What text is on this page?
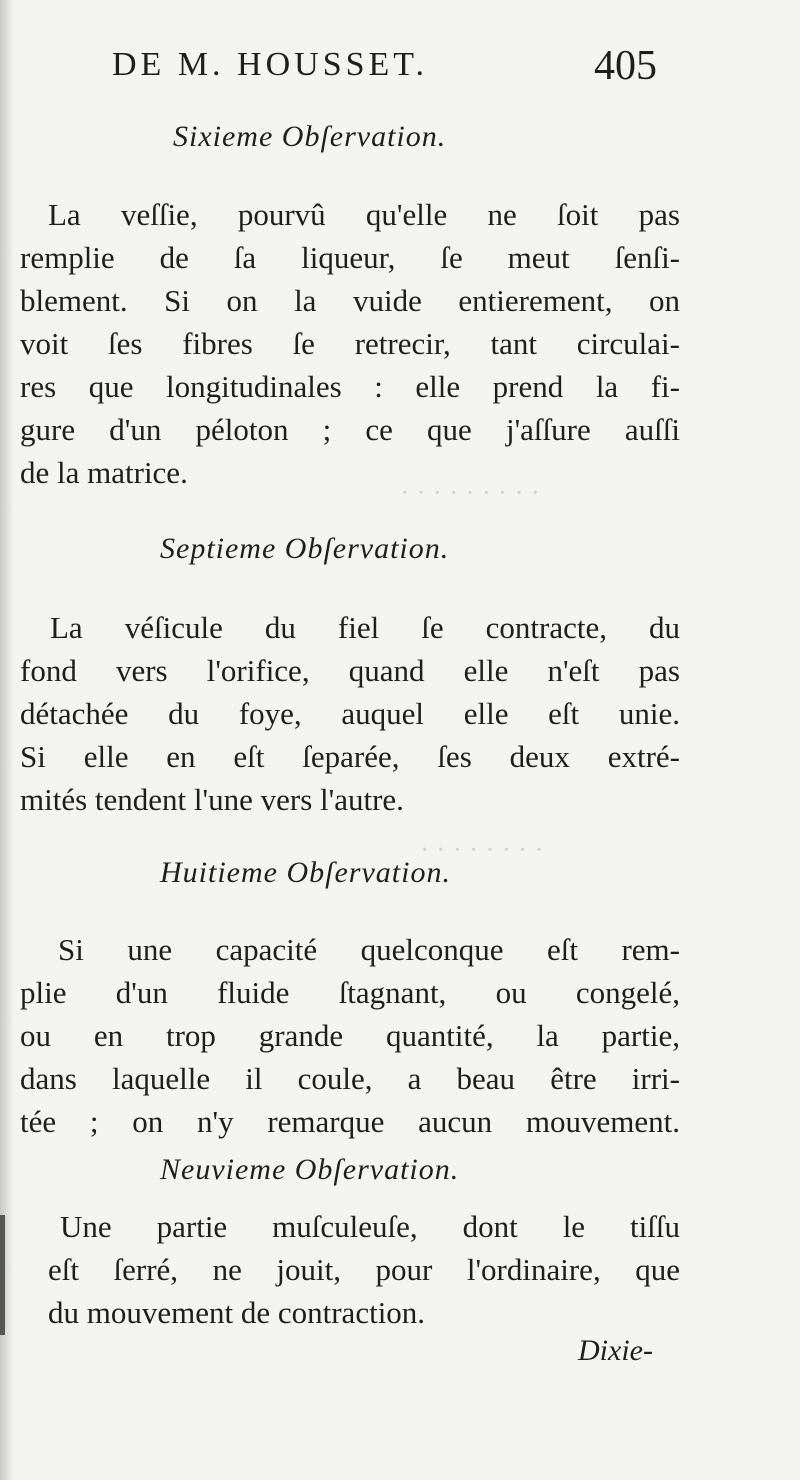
· · · · · · · · ·
· · · · · · · ·
DE M. HOUSSET.	405
Sixieme Obſervation.
La veſſie, pourvû qu'elle ne ſoit pas
remplie de ſa liqueur, ſe meut ſenſi-
blement. Si on la vuide entierement, on
voit ſes fibres ſe retrecir, tant circulai-
res que longitudinales : elle prend la fi-
gure d'un péloton ; ce que j'aſſure auſſi
de la matrice.
Septieme Obſervation.
La véſicule du fiel ſe contracte, du
fond vers l'orifice, quand elle n'eſt pas
détachée du foye, auquel elle eſt unie.
Si elle en eſt ſeparée, ſes deux extré-
mités tendent l'une vers l'autre.
Huitieme Obſervation.
Si une capacité quelconque eſt rem-
plie d'un fluide ſtagnant, ou congelé,
ou en trop grande quantité, la partie,
dans laquelle il coule, a beau être irri-
tée ; on n'y remarque aucun mouvement.
Neuvieme Obſervation.
Une partie muſculeuſe, dont le tiſſu
eſt ſerré, ne jouit, pour l'ordinaire, que
du mouvement de contraction.
Dixie-
